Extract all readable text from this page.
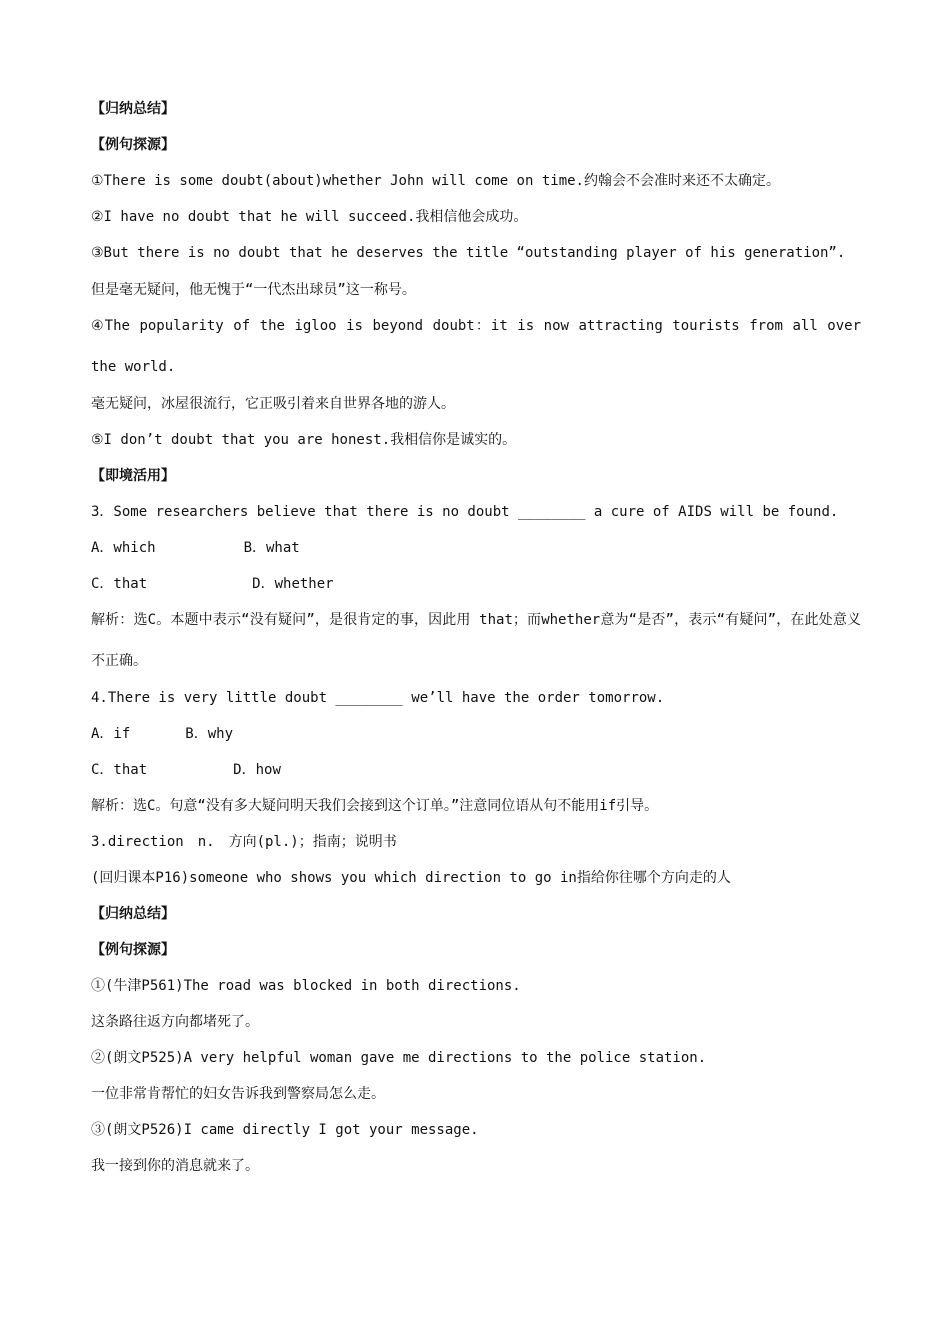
【归纳总结】
【例句探源】
①There is some doubt(about)whether John will come on time.约翰会不会准时来还不太确定。
②I have no doubt that he will succeed.我相信他会成功。
③But there is no doubt that he deserves the title “outstanding player of his generation”.
但是毫无疑问，他无愧于“一代杰出球员”这一称号。
④The popularity of the igloo is beyond doubt：it is now attracting tourists from all over the world.
毫无疑问，冰屋很流行，它正吸引着来自世界各地的游人。
⑤I don’t doubt that you are honest.我相信你是诚实的。
【即境活用】
3．Some researchers believe that there is no doubt ________ a cure of AIDS will be found.
A．which	B．what
C．that	D．whether
解析：选C。本题中表示“没有疑问”，是很肯定的事，因此用 that；而whether意为“是否”，表示“有疑问”，在此处意义不正确。
4.There is very little doubt ________ we’ll have the order tomorrow.
A．if	B．why
C．that	D．how
解析：选C。句意“没有多大疑问明天我们会接到这个订单。”注意同位语从句不能用if引导。
3.direction　n.　方向(pl.)；指南；说明书
(回归课本P16)someone who shows you which direction to go in指给你往哪个方向走的人
【归纳总结】
【例句探源】
①(牛津P561)The road was blocked in both directions.
这条路往返方向都堵死了。
②(朗文P525)A very helpful woman gave me directions to the police station.
一位非常肯帮忙的妇女告诉我到警察局怎么走。
③(朗文P526)I came directly I got your message.
我一接到你的消息就来了。
